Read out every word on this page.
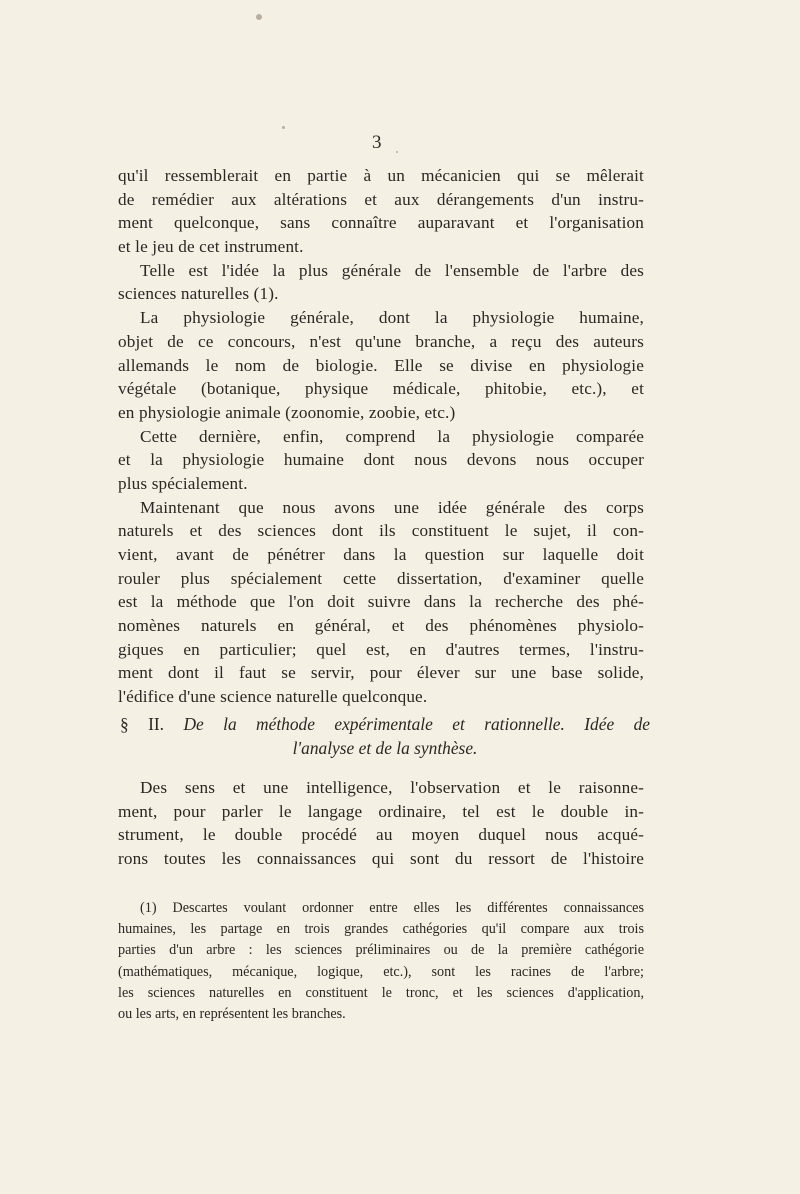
3
qu'il ressemblerait en partie à un mécanicien qui se mêlerait
de remédier aux altérations et aux dérangements d'un instru-
ment quelconque, sans connaître auparavant et l'organisation
et le jeu de cet instrument.
Telle est l'idée la plus générale de l'ensemble de l'arbre des
sciences naturelles (1).
La physiologie générale, dont la physiologie humaine,
objet de ce concours, n'est qu'une branche, a reçu des auteurs
allemands le nom de biologie. Elle se divise en physiologie
végétale (botanique, physique médicale, phitobie, etc.), et
en physiologie animale (zoonomie, zoobie, etc.)
Cette dernière, enfin, comprend la physiologie comparée
et la physiologie humaine dont nous devons nous occuper
plus spécialement.
Maintenant que nous avons une idée générale des corps
naturels et des sciences dont ils constituent le sujet, il con-
vient, avant de pénétrer dans la question sur laquelle doit
rouler plus spécialement cette dissertation, d'examiner quelle
est la méthode que l'on doit suivre dans la recherche des phé-
nomènes naturels en général, et des phénomènes physiolo-
giques en particulier; quel est, en d'autres termes, l'instru-
ment dont il faut se servir, pour élever sur une base solide,
l'édifice d'une science naturelle quelconque.
§ II. De la méthode expérimentale et rationnelle. Idée de
l'analyse et de la synthèse.
Des sens et une intelligence, l'observation et le raisonne-
ment, pour parler le langage ordinaire, tel est le double in-
strument, le double procédé au moyen duquel nous acqué-
rons toutes les connaissances qui sont du ressort de l'histoire
(1) Descartes voulant ordonner entre elles les différentes connaissances
humaines, les partage en trois grandes cathégories qu'il compare aux trois
parties d'un arbre : les sciences préliminaires ou de la première cathégorie
(mathématiques, mécanique, logique, etc.), sont les racines de l'arbre;
les sciences naturelles en constituent le tronc, et les sciences d'application,
ou les arts, en représentent les branches.
